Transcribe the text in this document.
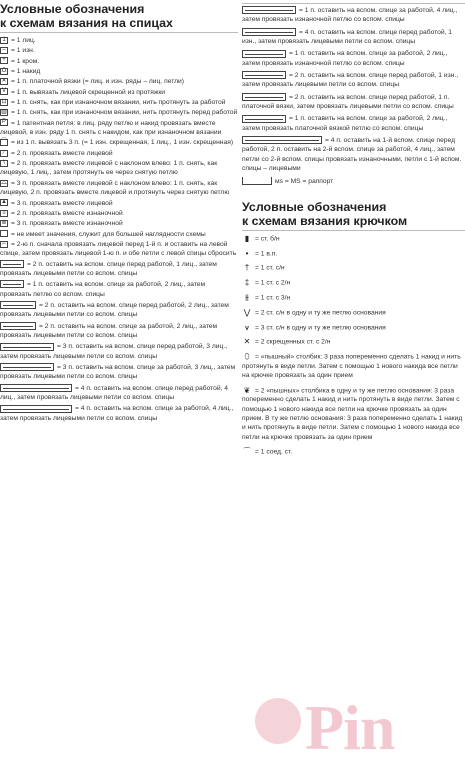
Условные обозначения
к схемам вязания на спицах
1 = 1 лиц.
– = 1 изн.
+ = 1 кром.
O = 1 накид
✕ = 1 п. платочной вязки (= лиц. и изн. ряды – лиц. петли)
V = 1 п. вывязать лицевой скрещенной из протяжки
⊡ = 1 п. снять, как при изнаночном вязании, нить протянуть за работой
▨ = 1 п. снять, как при изнаночном вязании, нить протянуть перед работой
P = 1 патентная петля: в лиц. ряду петлю и накид провязать вместе лицевой, в изн. ряду 1 п. снять с накидом, как при изнаночном вязании
⌒ = из 1 п. вывязать 3 п. (= 1 изн. скрещенная, 1 лиц., 1 изн. скрещенная)
⁄ = 2 п. провязать вместе лицевой
\ = 2 п. провязать вместе лицевой с наклоном влево: 1 п. снять, как лицевую, 1 лиц., затем протянуть ее через снятую петлю
⧍ = 3 п. провязать вместе лицевой с наклоном влево: 1 п. снять, как лицевую, 2 п. провязать вместе лицевой и протянуть через снятую петлю
▲ = 3 п. провязать вместе лицевой
≡ = 2 п. провязать вместе изнаночной
≣ = 3 п. провязать вместе изнаночной
= не имеет значения, служит для большей наглядности схемы
⌐ = 2-ю п. сначала провязать лицевой перед 1-й п. и оставить на левой спице, затем провязать лицевой 1-ю п. и обе петли с левой спицы сбросить
= 2 п. оставить на вспом. спице перед работой, 1 лиц., затем провязать лицевыми петли со вспом. спицы
= 1 п. оставить на вспом. спице за работой, 2 лиц., затем провязать петлю со вспом. спицы
= 2 п. оставить на вспом. спице перед работой, 2 лиц., затем провязать лицевыми петли со вспом. спицы
= 2 п. оставить на вспом. спице за работой, 2 лиц., затем провязать лицевыми петли со вспом. спицы
= 3 п. оставить на вспом. спице перед работой, 3 лиц., затем провязать лицевыми петли со вспом. спицы
= 3 п. оставить на вспом. спице за работой, 3 лиц., затем провязать лицевыми петли со вспом. спицы
= 4 п. оставить на вспом. спице перед работой, 4 лиц., затем провязать лицевыми петли со вспом. спицы
= 4 п. оставить на вспом. спице за работой, 4 лиц., затем провязать лицевыми петли со вспом. спицы
= 1 п. оставить на вспом. спице за работой, 4 лиц., затем провязать изнаночной петлю со вспом. спицы
= 4 п. оставить на вспом. спице перед работой, 1 изн., затем провязать лицевыми петли со вспом. спицы
= 1 п. оставить на вспом. спице за работой, 2 лиц., затем провязать изнаночной петлю со вспом. спицы
= 2 п. оставить на вспом. спице перед работой, 1 изн., затем провязать лицевыми петли со вспом. спицы
= 2 п. оставить на вспом. спице перед работой, 1 п. платочной вязки, затем провязать лицевыми петли со вспом. спицы
= 1 п. оставить на вспом. спице за работой, 2 лиц., затем провязать платочной вязкой петлю со вспом. спицы
= 4 п. оставить на 1-й вспом. спице перед работой, 2 п. оставить на 2-й вспом. спице за работой, 4 лиц., затем петли со 2-й вспом. спицы провязать изнаночными, петли с 1-й вспом. спицы – лицевыми
мs = MS = раппорт
Условные обозначения
к схемам вязания крючком
▮ = ст. б/н
• = 1 в.п.
† = 1 ст. с/н
‡ = 1 ст. с 2/н
⫵ = 1 ст. с 3/н
⋁ = 2 ст. с/н в одну и ту же петлю основания
⩛ = 3 ст. с/н в одну и ту же петлю основания
✕ = 2 скрещенных ст. с 2/н
⬯ = «пышный» столбик: 3 раза попеременно сделать 1 накид и нить протянуть в виде петли. Затем с помощью 1 нового накида все петли на крючке провязать за один прием
❦ = 2 «пышных» столбика в одну и ту же петлю основания: 3 раза попеременно сделать 1 накид и нить протянуть в виде петли. Затем с помощью 1 нового накида все петли на крючке провязать за один прием. В ту же петлю основания: 3 раза попеременно сделать 1 накид и нить протянуть в виде петли. Затем с помощью 1 нового накида все петли на крючке провязать за один прием
⌒ = 1 соед. ст.
Pin
